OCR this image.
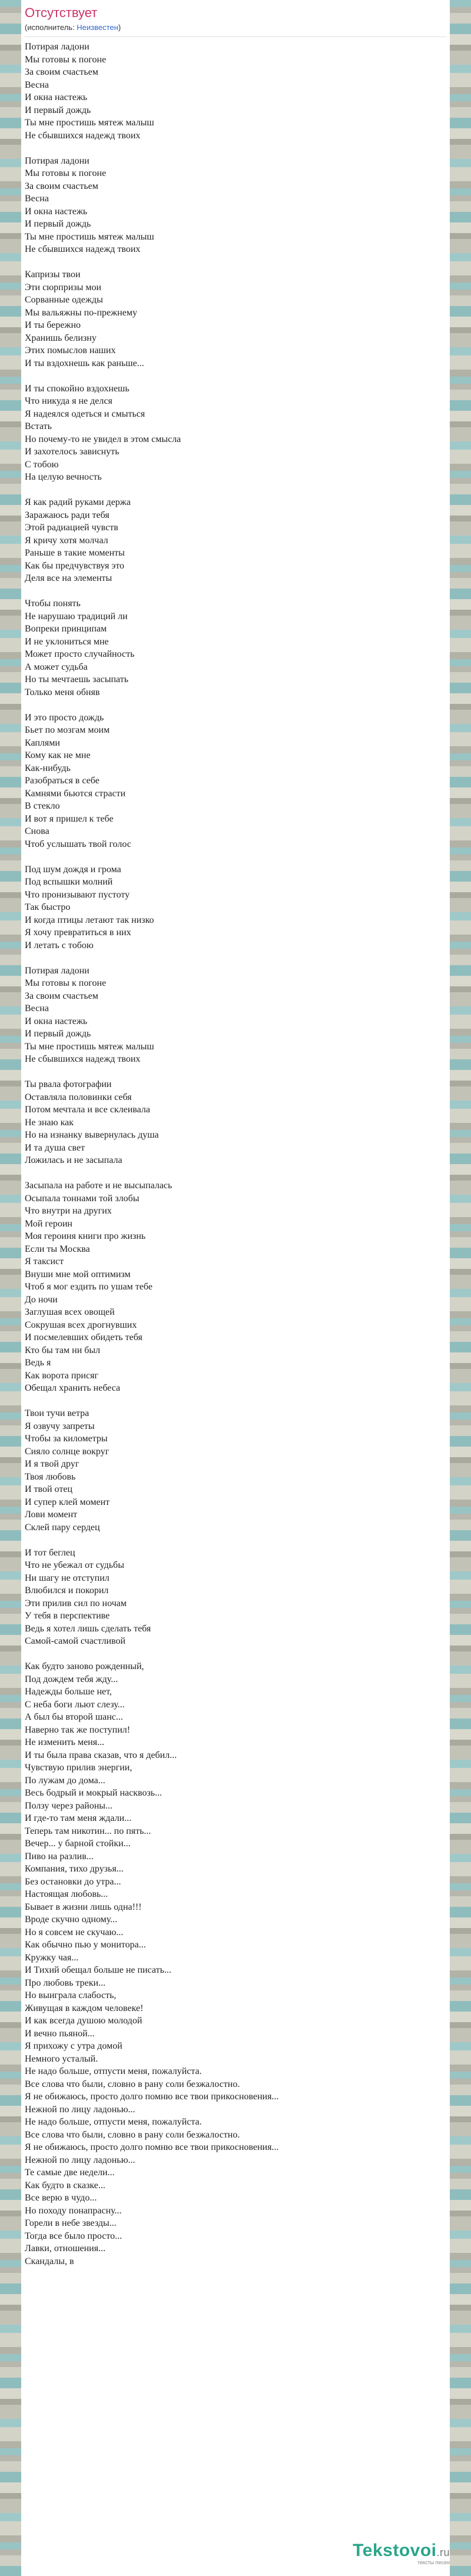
Отсутствует
(исполнитель: Неизвестен)
Потирая ладони
Мы готовы к погоне
За своим счастьем
Весна
И окна настежь
И первый дождь
Ты мне простишь мятеж малыш
Не сбывшихся надежд твоих
Потирая ладони
Мы готовы к погоне
За своим счастьем
Весна
И окна настежь
И первый дождь
Ты мне простишь мятеж малыш
Не сбывшихся надежд твоих
Капризы твои
Эти сюрпризы мои
Сорванные одежды
Мы вальяжны по-прежнему
И ты бережно
Хранишь белизну
Этих помыслов наших
И ты вздохнешь как раньше...
И ты спокойно вздохнешь
Что никуда я не делся
Я надеялся одеться и смыться
Встать
Но почему-то не увидел в этом смысла
И захотелось зависнуть
С тобою
На целую вечность
Я как радий руками держа
Заражаюсь ради тебя
Этой радиацией чувств
Я кричу хотя молчал
Раньше в такие моменты
Как бы предчувствуя это
Деля все на элементы
Чтобы понять
Не нарушаю традиций ли
Вопреки принципам
И не уклониться мне
Может просто случайность
А может судьба
Но ты мечтаешь засыпать
Только меня обняв
И это просто дождь
Бьет по мозгам моим
Каплями
Кому как не мне
Как-нибудь
Разобраться в себе
Камнями бьются страсти
В стекло
И вот я пришел к тебе
Снова
Чтоб услышать твой голос
Под шум дождя и грома
Под вспышки молний
Что пронизывают пустоту
Так быстро
И когда птицы летают так низко
Я хочу превратиться в них
И летать с тобою
Потирая ладони
Мы готовы к погоне
За своим счастьем
Весна
И окна настежь
И первый дождь
Ты мне простишь мятеж малыш
Не сбывшихся надежд твоих
Ты рвала фотографии
Оставляла половинки себя
Потом мечтала и все склеивала
Не знаю как
Но на изнанку вывернулась душа
И та душа свет
Ложилась и не засыпала
Засыпала на работе и не высыпалась
Осыпала тоннами той злобы
Что внутри на других
Мой героин
Моя героиня книги про жизнь
Если ты Москва
Я таксист
Внуши мне мой оптимизм
Чтоб я мог ездить по ушам тебе
До ночи
Заглушая всех овощей
Сокрушая всех дрогнувших
И посмелевших обидеть тебя
Кто бы там ни был
Ведь я
Как ворота присяг
Обещал хранить небеса
Твои тучи ветра
Я озвучу запреты
Чтобы за километры
Сияло солнце вокруг
И я твой друг
Твоя любовь
И твой отец
И супер клей момент
Лови момент
Склей пару сердец
И тот беглец
Что не убежал от судьбы
Ни шагу не отступил
Влюбился и покорил
Эти прилив сил по ночам
У тебя в перспективе
Ведь я хотел лишь сделать тебя
Самой-самой счастливой
Как будто заново рожденный,
Под дождем тебя жду...
Надежды больше нет,
С неба боги льют слезу...
А был бы второй шанс...
Наверно так же поступил!
Не изменить меня...
И ты была права сказав, что я дебил...
Чувствую прилив энергии,
По лужам до дома...
Весь бодрый и мокрый насквозь...
Ползу через районы...
И где-то там меня ждали...
Теперь там никотин... по пять...
Вечер... у барной стойки...
Пиво на разлив...
Компания, тихо друзья...
Без остановки до утра...
Настоящая любовь...
Бывает в жизни лишь одна!!!
Вроде скучно одному...
Но я совсем не скучаю...
Как обычно пью у монитора...
Кружку чая...
И Тихий обещал больше не писать...
Про любовь треки...
Но выиграла слабость,
Живущая в каждом человеке!
И как всегда душою молодой
И вечно пьяной...
Я прихожу с утра домой
Немного усталый.
Не надо больше, отпусти меня, пожалуйста.
Все слова что были, словно в рану соли безжалостно.
Я не обижаюсь, просто долго помню все твои прикосновения...
Нежной по лицу ладонью...
Не надо больше, отпусти меня, пожалуйста.
Все слова что были, словно в рану соли безжалостно.
Я не обижаюсь, просто долго помню все твои прикосновения...
Нежной по лицу ладонью...
Те самые две недели...
Как будто в сказке...
Все верю в чудо...
Но походу понапрасну...
Горели в небе звезды...
Тогда все было просто...
Лавки, отношения...
Скандалы, в
Tekstovoi.ru
тексты песен
